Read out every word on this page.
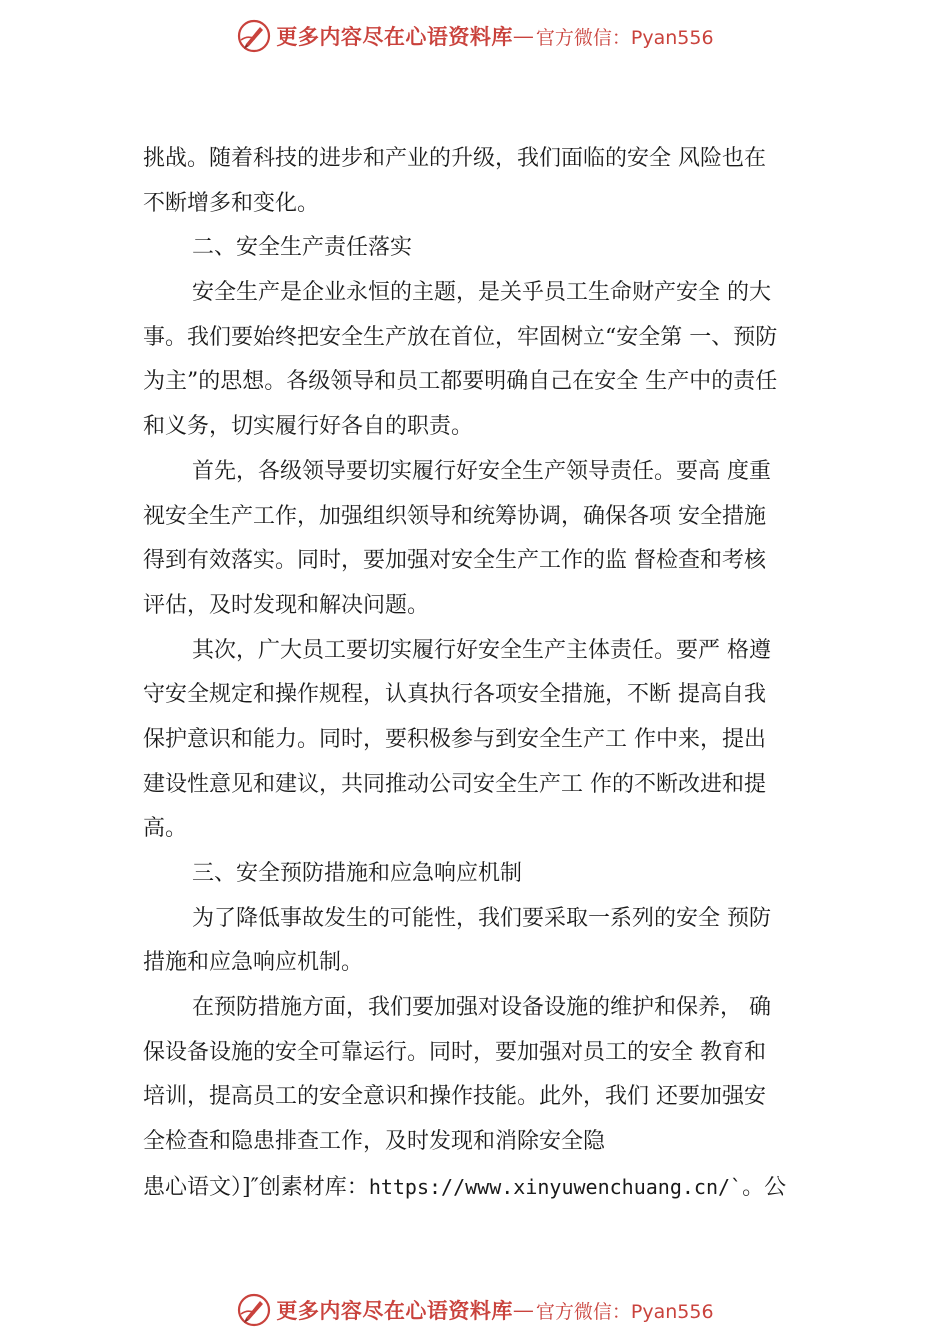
更多内容尽在心语资料库 — 官方微信：Pyan556
挑战。随着科技的进步和产业的升级，我们面临的安全 风险也在
不断增多和变化。
二、安全生产责任落实
安全生产是企业永恒的主题，是关乎员工生命财产安全 的大
事。我们要始终把安全生产放在首位，牢固树立“安全第 一、预防
为主”的思想。各级领导和员工都要明确自己在安全 生产中的责任
和义务，切实履行好各自的职责。
首先，各级领导要切实履行好安全生产领导责任。要高 度重
视安全生产工作，加强组织领导和统筹协调，确保各项 安全措施
得到有效落实。同时，要加强对安全生产工作的监 督检查和考核
评估，及时发现和解决问题。
其次，广大员工要切实履行好安全生产主体责任。要严 格遵
守安全规定和操作规程，认真执行各项安全措施，不断 提高自我
保护意识和能力。同时，要积极参与到安全生产工 作中来，提出
建设性意见和建议，共同推动公司安全生产工 作的不断改进和提
高。
三、安全预防措施和应急响应机制
为了降低事故发生的可能性，我们要采取一系列的安全 预防
措施和应急响应机制。
在预防措施方面，我们要加强对设备设施的维护和保养， 确
保设备设施的安全可靠运行。同时，要加强对员工的安全 教育和
培训，提高员工的安全意识和操作技能。此外，我们 还要加强安
全检查和隐患排查工作，及时发现和消除安全隐
患心语文）]″创素材库：https://www.xinyuwenchuang.cn/`。公
更多内容尽在心语资料库 — 官方微信：Pyan556
